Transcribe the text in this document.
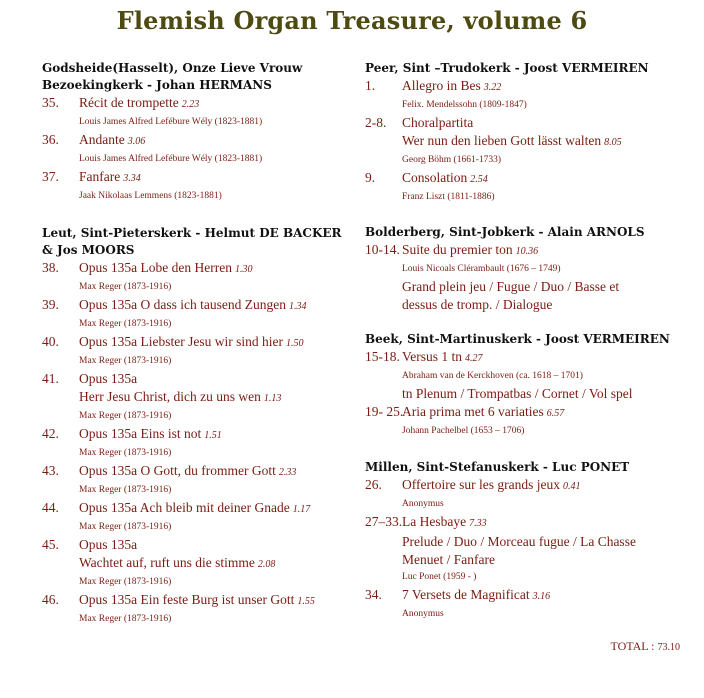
Flemish Organ Treasure, volume 6
Godsheide(Hasselt), Onze Lieve Vrouw
Bezoekingkerk - Johan HERMANS
35.	Récit de trompette 2.23
Louis James Alfred Lefébure Wély (1823-1881)
36.	Andante 3.06
Louis James Alfred Lefébure Wély (1823-1881)
37.	Fanfare 3.34
Jaak Nikolaas Lemmens (1823-1881)
Leut, Sint-Pieterskerk - Helmut DE BACKER
& Jos MOORS
38.	Opus 135a Lobe den Herren 1.30
Max Reger (1873-1916)
39.	Opus 135a O dass ich tausend Zungen 1.34
Max Reger (1873-1916)
40.	Opus 135a Liebster Jesu wir sind hier 1.50
Max Reger (1873-1916)
41.	Opus 135a
Herr Jesu Christ, dich zu uns wen 1.13
Max Reger (1873-1916)
42.	Opus 135a Eins ist not 1.51
Max Reger (1873-1916)
43.	Opus 135a O Gott, du frommer Gott 2.33
Max Reger (1873-1916)
44.	Opus 135a Ach bleib mit deiner Gnade 1.17
Max Reger (1873-1916)
45.	Opus 135a
Wachtet auf, ruft uns die stimme 2.08
Max Reger (1873-1916)
46.	Opus 135a Ein feste Burg ist unser Gott 1.55
Max Reger (1873-1916)
Peer, Sint –Trudokerk - Joost VERMEIREN
1.	Allegro in Bes 3.22
Felix. Mendelssohn (1809-1847)
2-8.	Choralpartita
Wer nun den lieben Gott lässt walten 8.05
Georg Böhm (1661-1733)
9.	Consolation 2.54
Franz Liszt (1811-1886)
Bolderberg, Sint-Jobkerk - Alain ARNOLS
10-14. Suite du premier ton 10.36
Louis Nicoals Clérambault (1676 – 1749)
Grand plein jeu / Fugue / Duo / Basse et
dessus de tromp. / Dialogue
Beek, Sint-Martinuskerk - Joost VERMEIREN
15-18. Versus 1 tn 4.27
Abraham van de Kerckhoven (ca. 1618 – 1701)
tn Plenum / Trompatbas / Cornet / Vol spel
19- 25.
Aria prima met 6 variaties 6.57
Johann Pachelbel (1653 – 1706)
Millen, Sint-Stefanuskerk - Luc PONET
26.	Offertoire sur les grands jeux 0.41
Anonymus
27–33. La Hesbaye 7.33
Prelude / Duo / Morceau fugue / La Chasse
Menuet / Fanfare
Luc Ponet (1959 - )
34.	7 Versets de Magnificat 3.16
Anonymus
TOTAL : 73.10
